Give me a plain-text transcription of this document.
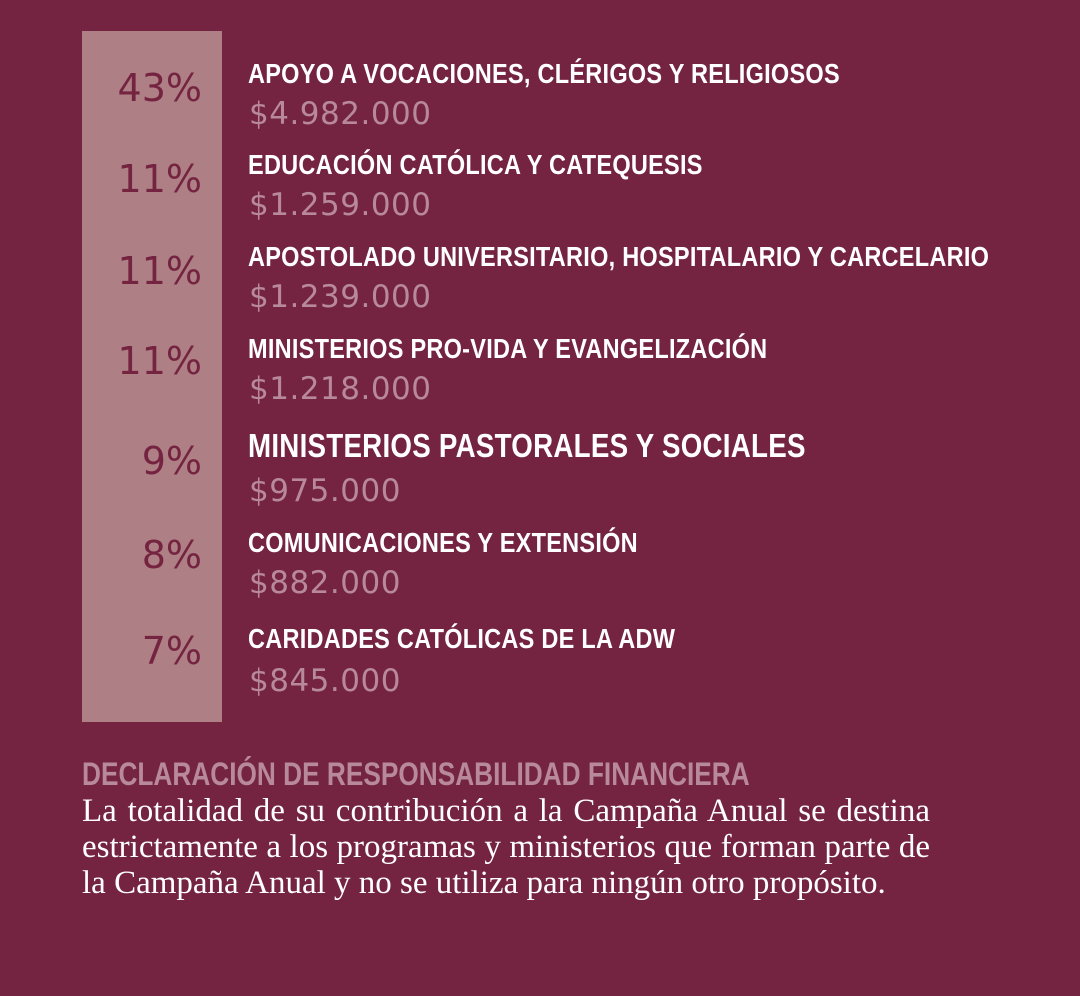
43% APOYO A VOCACIONES, CLÉRIGOS Y RELIGIOSOS
$4.982.000
11% EDUCACIÓN CATÓLICA Y CATEQUESIS
$1.259.000
11% APOSTOLADO UNIVERSITARIO, HOSPITALARIO Y CARCELARIO
$1.239.000
11% MINISTERIOS PRO-VIDA Y EVANGELIZACIÓN
$1.218.000
9% MINISTERIOS PASTORALES Y SOCIALES
$975.000
8% COMUNICACIONES Y EXTENSIÓN
$882.000
7% CARIDADES CATÓLICAS DE LA ADW
$845.000
DECLARACIÓN DE RESPONSABILIDAD FINANCIERA
La totalidad de su contribución a la Campaña Anual se destina estrictamente a los programas y ministerios que forman parte de la Campaña Anual y no se utiliza para ningún otro propósito.
